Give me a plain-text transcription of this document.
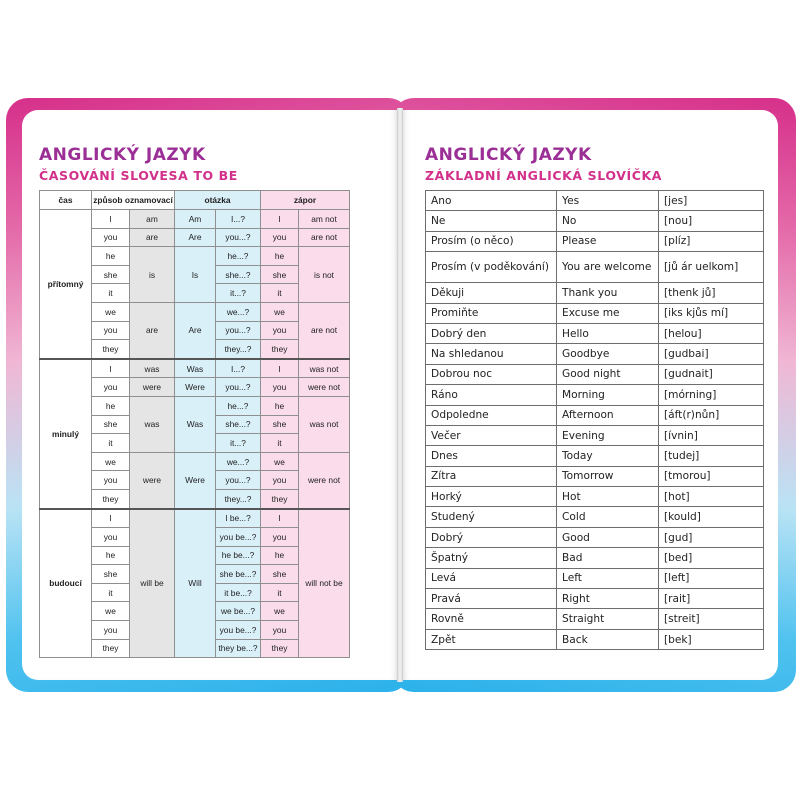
ANGLICKÝ JAZYK
ČASOVÁNÍ SLOVESA TO BE
čas	způsob oznamovací		otázka		zápor	
přítomný	I	am	Am	I...?	I	am not
	you	are	Are	you...?	you	are not
	he	is	Is	he...?	he	is not
	she			she...?	she	
	it			it...?	it	
	we	are	Are	we...?	we	are not
	you			you...?	you	
	they			they...?	they	
minulý	I	was	Was	I...?	I	was not
	you	were	Were	you...?	you	were not
	he	was	Was	he...?	he	was not
	she			she...?	she	
	it			it...?	it	
	we	were	Were	we...?	we	were not
	you			you...?	you	
	they			they...?	they	
budoucí	I	will be	Will	I be...?	I	will not be
	you			you be...?	you	
	he			he be...?	he	
	she			she be...?	she	
	it			it be...?	it	
	we			we be...?	we	
	you			you be...?	you	
	they			they be...?	they	
ANGLICKÝ JAZYK
ZÁKLADNÍ ANGLICKÁ SLOVÍČKA
Ano	Yes	[jes]
Ne	No	[nou]
Prosím (o něco)	Please	[plíz]
Prosím (v poděkování)	You are welcome	[jů ár uelkom]
Děkuji	Thank you	[thenk jů]
Promiňte	Excuse me	[iks kjůs mí]
Dobrý den	Hello	[helou]
Na shledanou	Goodbye	[gudbai]
Dobrou noc	Good night	[gudnait]
Ráno	Morning	[mórning]
Odpoledne	Afternoon	[áft(r)nůn]
Večer	Evening	[ívnin]
Dnes	Today	[tudej]
Zítra	Tomorrow	[tmorou]
Horký	Hot	[hot]
Studený	Cold	[kould]
Dobrý	Good	[gud]
Špatný	Bad	[bed]
Levá	Left	[left]
Pravá	Right	[rait]
Rovně	Straight	[streit]
Zpět	Back	[bek]
